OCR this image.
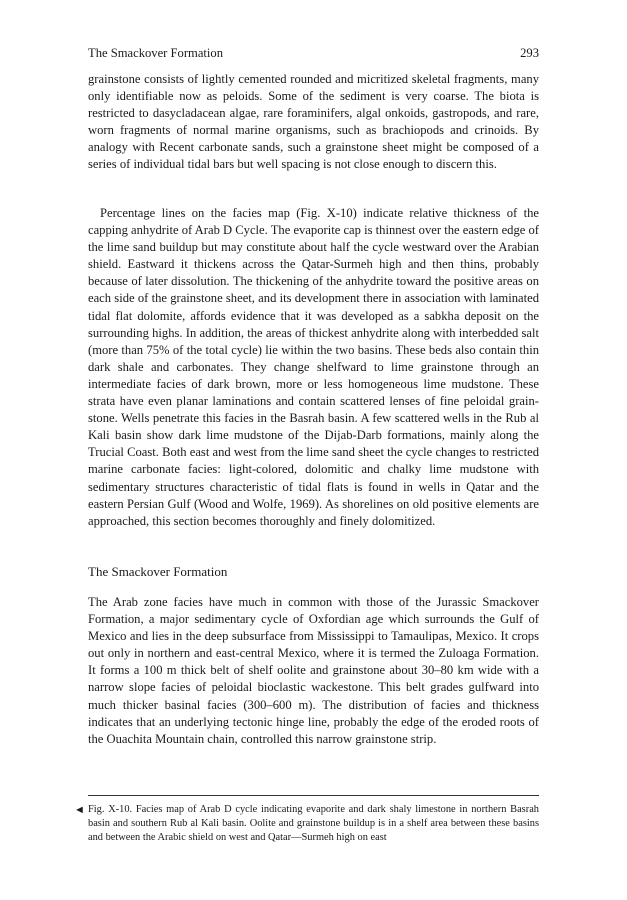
The Smackover Formation	293

grainstone consists of lightly cemented rounded and micritized skeletal fragments, many only identifiable now as peloids. Some of the sediment is very coarse. The biota is restricted to dasycladacean algae, rare foraminifers, algal onkoids, gastropods, and rare, worn fragments of normal marine organisms, such as brachiopods and crinoids. By analogy with Recent carbonate sands, such a grainstone sheet might be composed of a series of individual tidal bars but well spacing is not close enough to discern this.

Percentage lines on the facies map (Fig. X-10) indicate relative thickness of the capping anhydrite of Arab D Cycle. The evaporite cap is thinnest over the eastern edge of the lime sand buildup but may constitute about half the cycle westward over the Arabian shield. Eastward it thickens across the Qatar-Surmeh high and then thins, probably because of later dissolution. The thickening of the anhydrite toward the positive areas on each side of the grainstone sheet, and its development there in association with laminated tidal flat dolomite, affords evidence that it was developed as a sabkha deposit on the surrounding highs. In addition, the areas of thickest anhydrite along with interbedded salt (more than 75% of the total cycle) lie within the two basins. These beds also contain thin dark shale and carbonates. They change shelfward to lime grainstone through an intermediate facies of dark brown, more or less homogeneous lime mudstone. These strata have even planar laminations and contain scattered lenses of fine peloidal grainstone. Wells penetrate this facies in the Basrah basin. A few scattered wells in the Rub al Kali basin show dark lime mudstone of the Dijab-Darb formations, mainly along the Trucial Coast. Both east and west from the lime sand sheet the cycle changes to restricted marine carbonate facies: light-colored, dolomitic and chalky lime mudstone with sedimentary structures characteristic of tidal flats is found in wells in Qatar and the eastern Persian Gulf (Wood and Wolfe, 1969). As shorelines on old positive elements are approached, this section becomes thoroughly and finely dolomitized.

The Smackover Formation

The Arab zone facies have much in common with those of the Jurassic Smackover Formation, a major sedimentary cycle of Oxfordian age which surrounds the Gulf of Mexico and lies in the deep subsurface from Mississippi to Tamaulipas, Mexico. It crops out only in northern and east-central Mexico, where it is termed the Zuloaga Formation. It forms a 100 m thick belt of shelf oolite and grainstone about 30–80 km wide with a narrow slope facies of peloidal bioclastic wackestone. This belt grades gulfward into much thicker basinal facies (300–600 m). The distribution of facies and thickness indicates that an underlying tectonic hinge line, probably the edge of the eroded roots of the Ouachita Mountain chain, controlled this narrow grainstone strip.

◄ Fig. X-10. Facies map of Arab D cycle indicating evaporite and dark shaly limestone in northern Basrah basin and southern Rub al Kali basin. Oolite and grainstone buildup is in a shelf area between these basins and between the Arabic shield on west and Qatar—Surmeh high on east
